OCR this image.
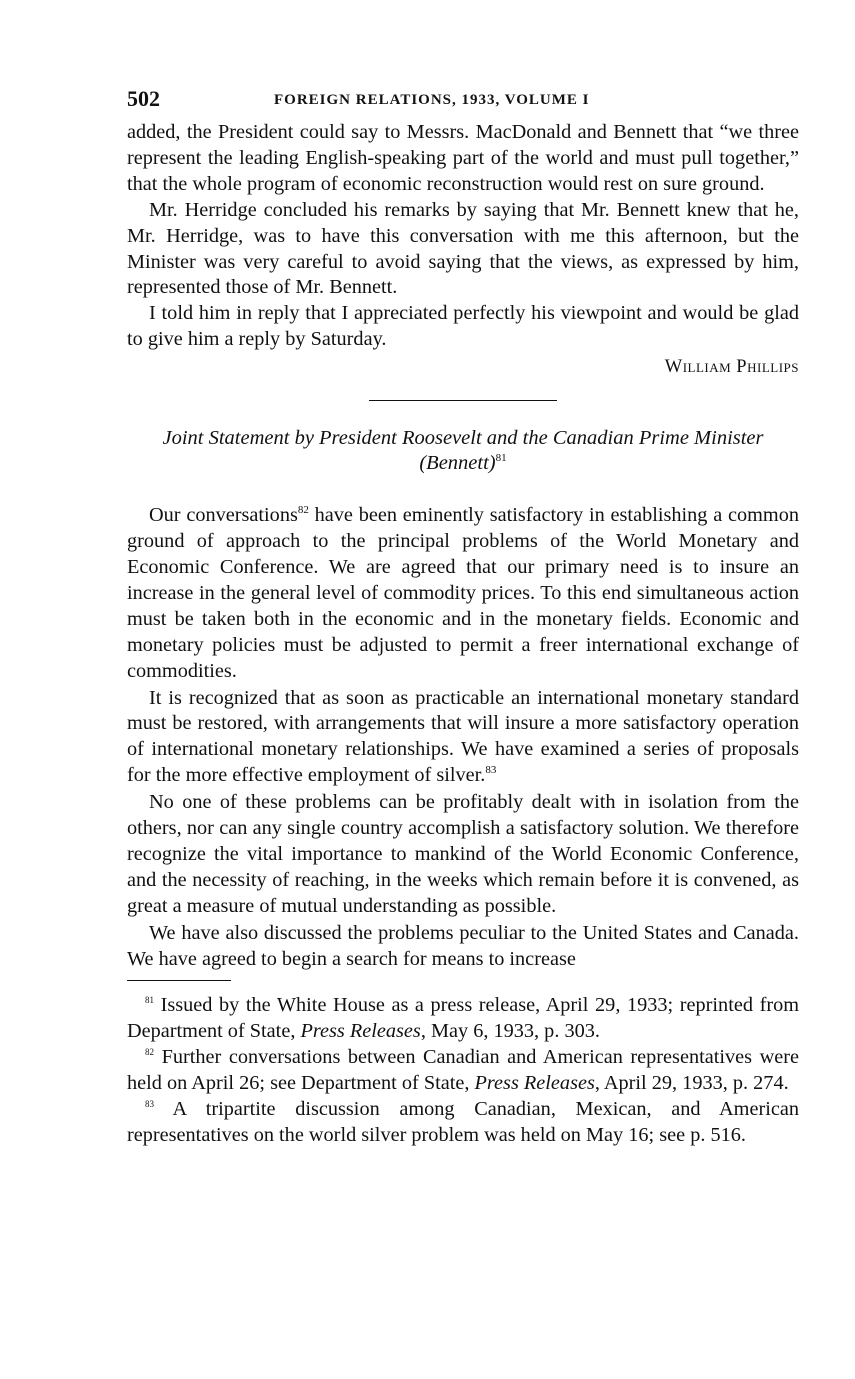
502	FOREIGN RELATIONS, 1933, VOLUME I

added, the President could say to Messrs. MacDonald and Bennett that “we three represent the leading English-speaking part of the world and must pull together,” that the whole program of economic reconstruction would rest on sure ground.

Mr. Herridge concluded his remarks by saying that Mr. Bennett knew that he, Mr. Herridge, was to have this conversation with me this afternoon, but the Minister was very careful to avoid saying that the views, as expressed by him, represented those of Mr. Bennett.

I told him in reply that I appreciated perfectly his viewpoint and would be glad to give him a reply by Saturday.

William Phillips
Joint Statement by President Roosevelt and the Canadian Prime Minister (Bennett)$^{81}$

Our conversations$^{82}$ have been eminently satisfactory in establishing a common ground of approach to the principal problems of the World Monetary and Economic Conference. We are agreed that our primary need is to insure an increase in the general level of commodity prices. To this end simultaneous action must be taken both in the economic and in the monetary fields. Economic and monetary policies must be adjusted to permit a freer international exchange of commodities.

It is recognized that as soon as practicable an international monetary standard must be restored, with arrangements that will insure a more satisfactory operation of international monetary relationships. We have examined a series of proposals for the more effective employment of silver.$^{83}$

No one of these problems can be profitably dealt with in isolation from the others, nor can any single country accomplish a satisfactory solution. We therefore recognize the vital importance to mankind of the World Economic Conference, and the necessity of reaching, in the weeks which remain before it is convened, as great a measure of mutual understanding as possible.

We have also discussed the problems peculiar to the United States and Canada. We have agreed to begin a search for means to increase

$^{81}$ Issued by the White House as a press release, April 29, 1933; reprinted from Department of State, Press Releases, May 6, 1933, p. 303.

$^{82}$ Further conversations between Canadian and American representatives were held on April 26; see Department of State, Press Releases, April 29, 1933, p. 274.

$^{83}$ A tripartite discussion among Canadian, Mexican, and American representatives on the world silver problem was held on May 16; see p. 516.
